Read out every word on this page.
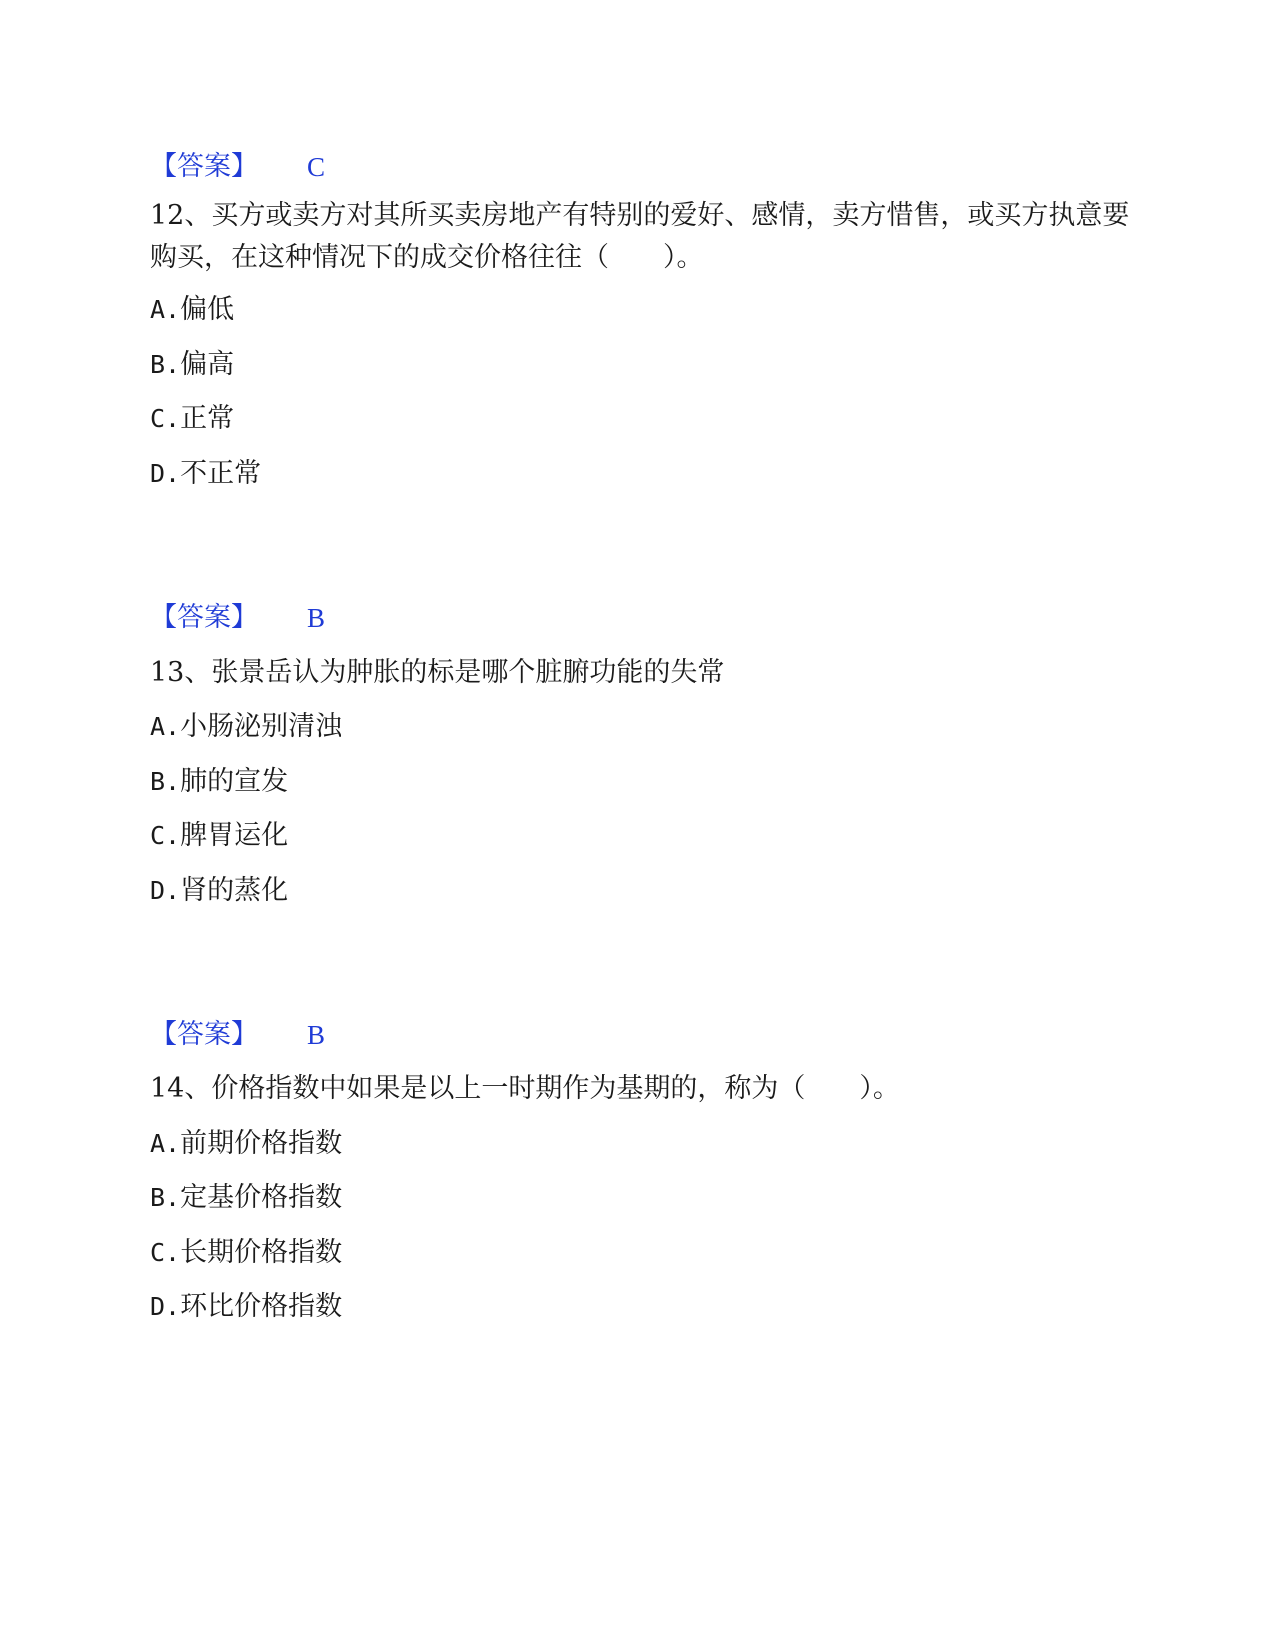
【答案】 C
12、买方或卖方对其所买卖房地产有特别的爱好、感情，卖方惜售，或买方执意要购买，在这种情况下的成交价格往往（　　）。
A.偏低
B.偏高
C.正常
D.不正常
【答案】 B
13、张景岳认为肿胀的标是哪个脏腑功能的失常
A.小肠泌别清浊
B.肺的宣发
C.脾胃运化
D.肾的蒸化
【答案】 B
14、价格指数中如果是以上一时期作为基期的，称为（　　）。
A.前期价格指数
B.定基价格指数
C.长期价格指数
D.环比价格指数
